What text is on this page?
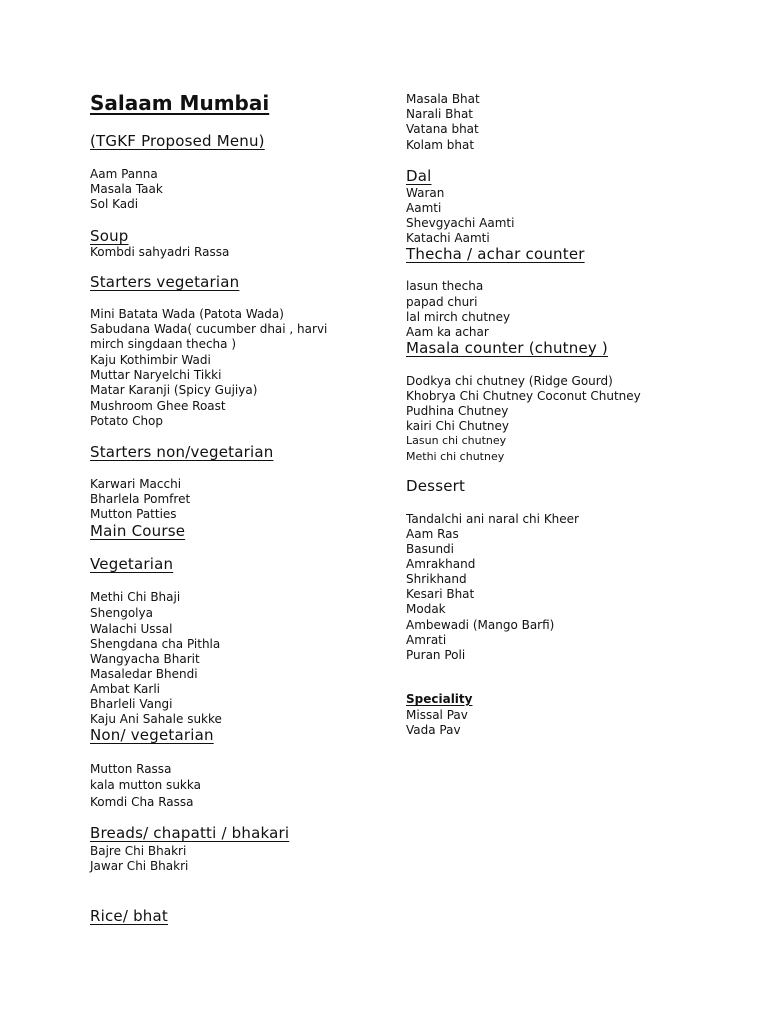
Salaam Mumbai
(TGKF Proposed Menu)
Aam Panna
Masala Taak
Sol Kadi
Soup
Kombdi sahyadri Rassa
Starters vegetarian
Mini Batata Wada (Patota Wada)
Sabudana Wada( cucumber dhai , harvi mirch singdaan thecha )
Kaju Kothimbir Wadi
Muttar Naryelchi Tikki
Matar Karanji (Spicy Gujiya)
Mushroom Ghee Roast
Potato Chop
Starters non/vegetarian
Karwari Macchi
Bharlela Pomfret
Mutton Patties
Main Course
Vegetarian
Methi Chi Bhaji
Shengolya
Walachi Ussal
Shengdana cha Pithla
Wangyacha Bharit
Masaledar Bhendi
Ambat Karli
Bharleli Vangi
Kaju Ani Sahale sukke
Non/ vegetarian
Mutton Rassa
kala mutton sukka
Komdi Cha Rassa
Breads/ chapatti / bhakari
Bajre Chi Bhakri
Jawar Chi Bhakri
Rice/ bhat
Masala Bhat
Narali Bhat
Vatana bhat
Kolam bhat
Dal
Waran
Aamti
Shevgyachi Aamti
Katachi Aamti
Thecha / achar counter
lasun thecha
papad churi
lal mirch chutney
Aam ka achar
Masala counter (chutney )
Dodkya chi chutney (Ridge Gourd)
Khobrya Chi Chutney Coconut Chutney
Pudhina Chutney
kairi Chi Chutney
Lasun chi chutney
Methi chi chutney
Dessert
Tandalchi ani naral chi Kheer
Aam Ras
Basundi
Amrakhand
Shrikhand
Kesari Bhat
Modak
Ambewadi (Mango Barfi)
Amrati
Puran Poli
Speciality
Missal Pav
Vada Pav
